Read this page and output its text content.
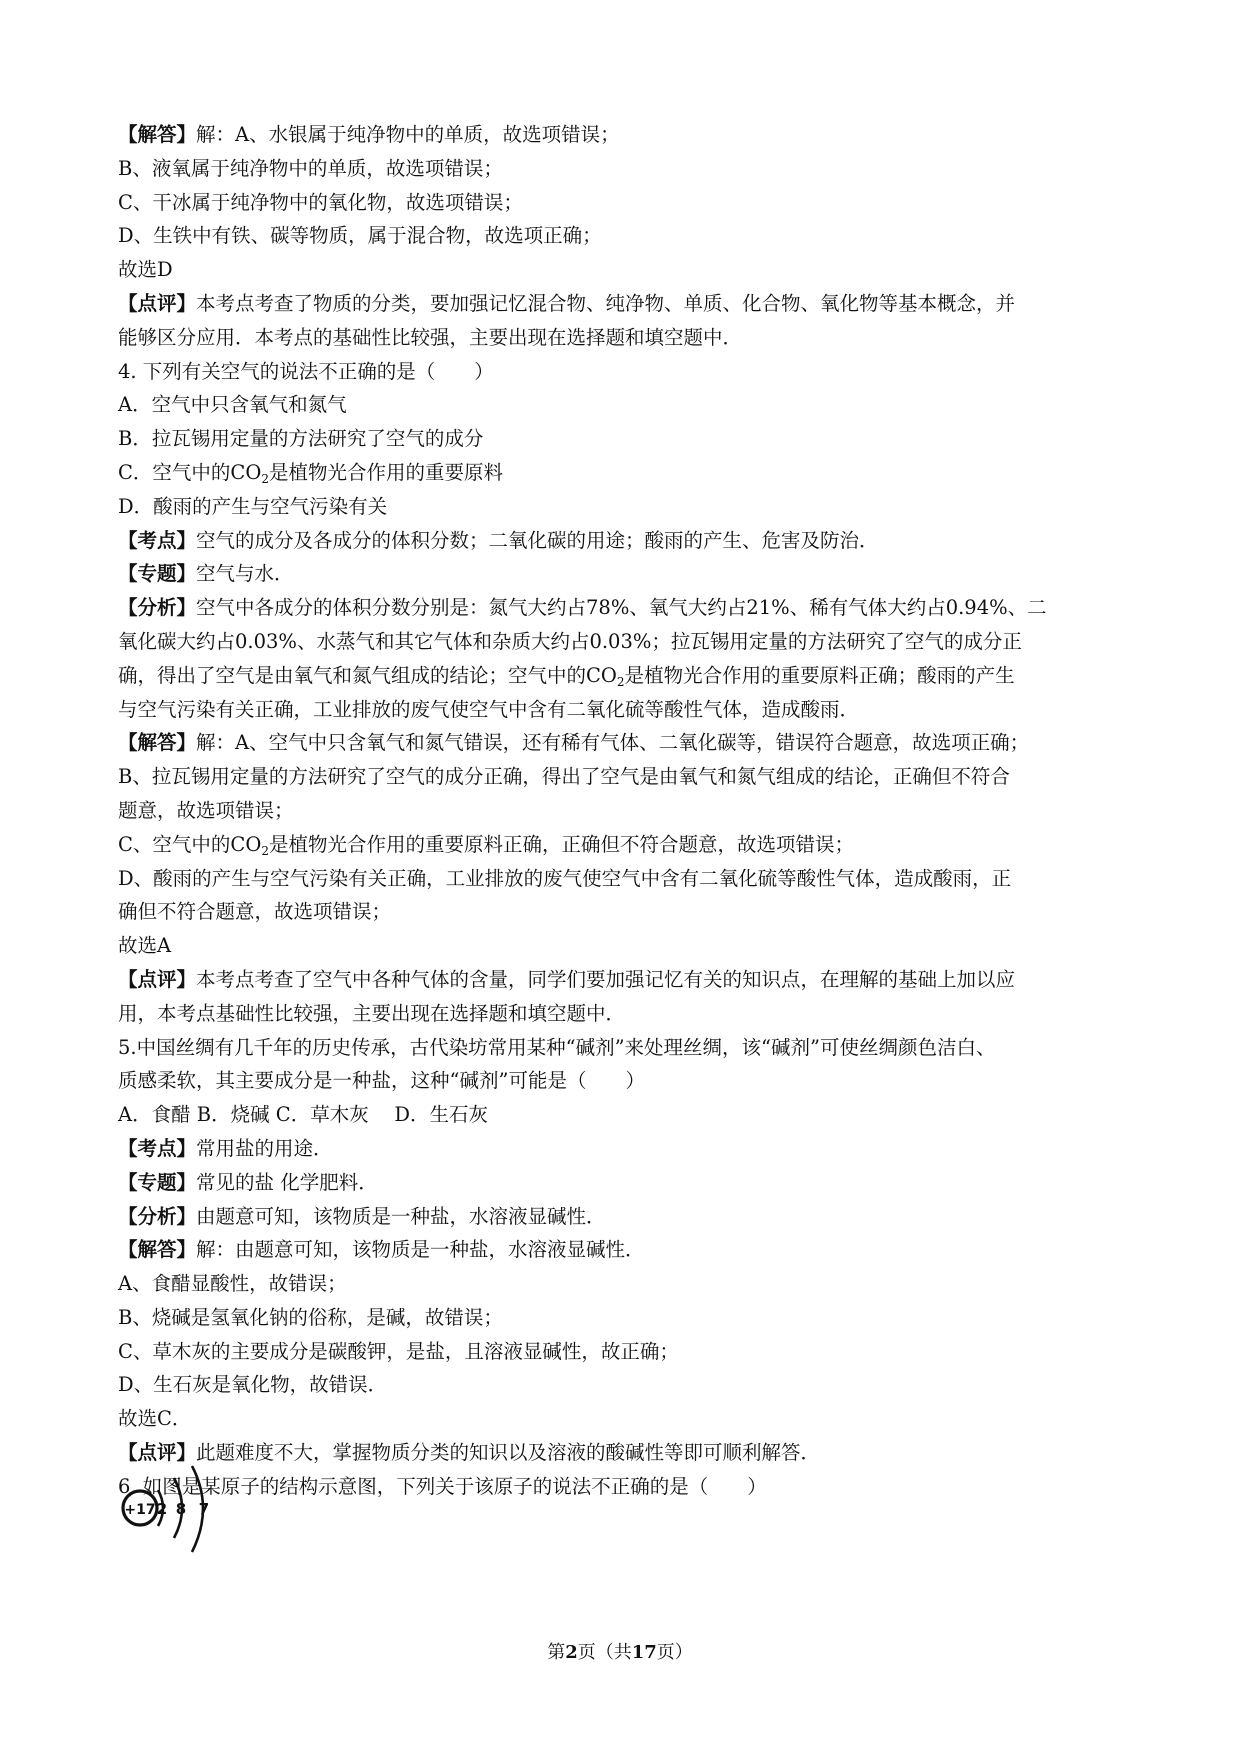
【解答】解：A、水银属于纯净物中的单质，故选项错误；
B、液氧属于纯净物中的单质，故选项错误；
C、干冰属于纯净物中的氧化物，故选项错误；
D、生铁中有铁、碳等物质，属于混合物，故选项正确；
故选D
【点评】本考点考查了物质的分类，要加强记忆混合物、纯净物、单质、化合物、氧化物等基本概念，并
能够区分应用．本考点的基础性比较强，主要出现在选择题和填空题中．
4. 下列有关空气的说法不正确的是（　　）
A．空气中只含氧气和氮气
B．拉瓦锡用定量的方法研究了空气的成分
C．空气中的$CO_2$是植物光合作用的重要原料
D．酸雨的产生与空气污染有关
【考点】空气的成分及各成分的体积分数；二氧化碳的用途；酸雨的产生、危害及防治．
【专题】空气与水．
【分析】空气中各成分的体积分数分别是：氮气大约占78%、氧气大约占21%、稀有气体大约占0.94%、二
氧化碳大约占0.03%、水蒸气和其它气体和杂质大约占0.03%；拉瓦锡用定量的方法研究了空气的成分正
确，得出了空气是由氧气和氮气组成的结论；空气中的$CO_2$是植物光合作用的重要原料正确；酸雨的产生
与空气污染有关正确，工业排放的废气使空气中含有二氧化硫等酸性气体，造成酸雨．
【解答】解：A、空气中只含氧气和氮气错误，还有稀有气体、二氧化碳等，错误符合题意，故选项正确；
B、拉瓦锡用定量的方法研究了空气的成分正确，得出了空气是由氧气和氮气组成的结论，正确但不符合
题意，故选项错误；
C、空气中的$CO_2$是植物光合作用的重要原料正确，正确但不符合题意，故选项错误；
D、酸雨的产生与空气污染有关正确，工业排放的废气使空气中含有二氧化硫等酸性气体，造成酸雨，正
确但不符合题意，故选项错误；
故选A
【点评】本考点考查了空气中各种气体的含量，同学们要加强记忆有关的知识点，在理解的基础上加以应
用，本考点基础性比较强，主要出现在选择题和填空题中．
5.中国丝绸有几千年的历史传承，古代染坊常用某种“碱剂”来处理丝绸，该“碱剂”可使丝绸颜色洁白、
质感柔软，其主要成分是一种盐，这种“碱剂”可能是（　　）
A．食醋 B．烧碱 C．草木灰　 D．生石灰
【考点】常用盐的用途．
【专题】常见的盐 化学肥料．
【分析】由题意可知，该物质是一种盐，水溶液显碱性．
【解答】解：由题意可知，该物质是一种盐，水溶液显碱性．
A、食醋显酸性，故错误；
B、烧碱是氢氧化钠的俗称，是碱，故错误；
C、草木灰的主要成分是碳酸钾，是盐，且溶液显碱性，故正确；
D、生石灰是氧化物，故错误．
故选C．
【点评】此题难度不大，掌握物质分类的知识以及溶液的酸碱性等即可顺利解答．
6. 如图是某原子的结构示意图，下列关于该原子的说法不正确的是（　　）
+17 2 8 7
第2页（共17页）
